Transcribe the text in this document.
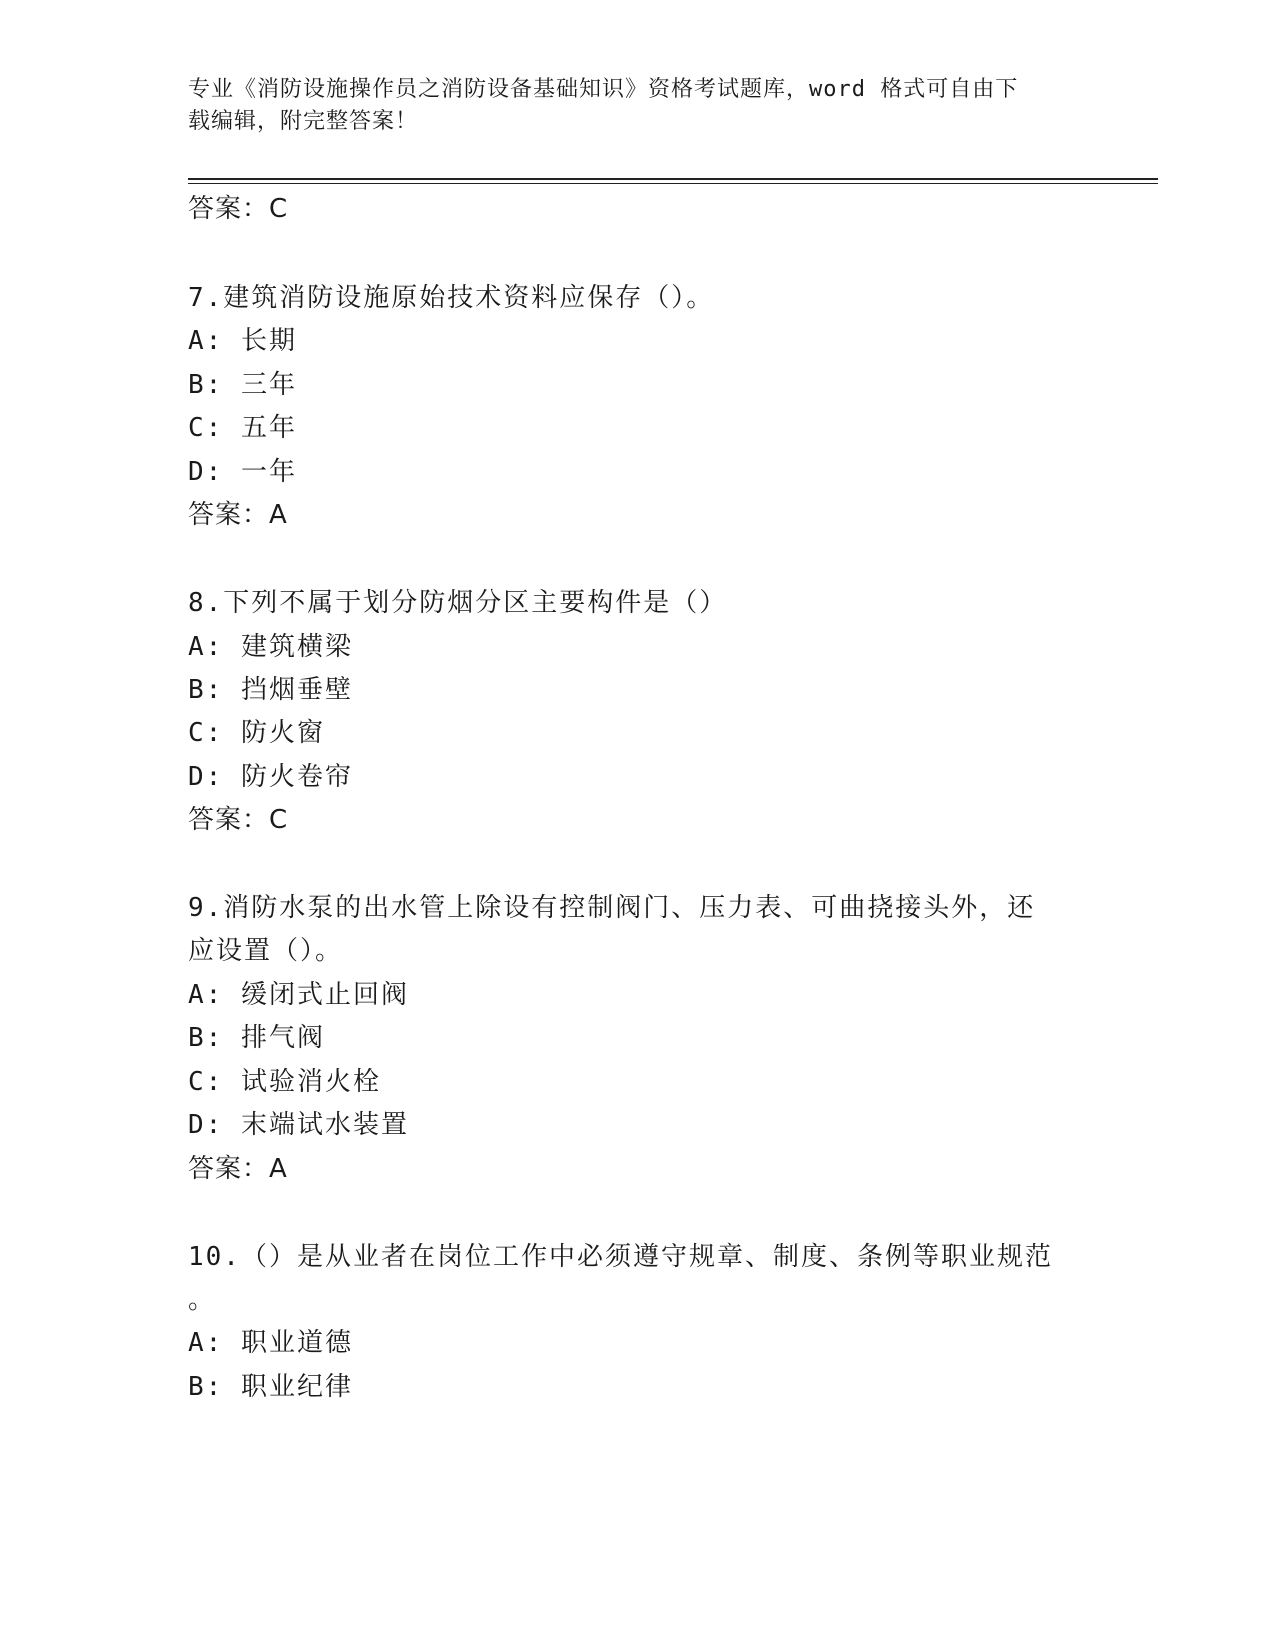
专业《消防设施操作员之消防设备基础知识》资格考试题库，word 格式可自由下
载编辑，附完整答案！
答案：C
7.建筑消防设施原始技术资料应保存（）。
A: 长期
B: 三年
C: 五年
D: 一年
答案：A
8.下列不属于划分防烟分区主要构件是（）
A: 建筑横梁
B: 挡烟垂壁
C: 防火窗
D: 防火卷帘
答案：C
9.消防水泵的出水管上除设有控制阀门、压力表、可曲挠接头外，还
应设置（）。
A: 缓闭式止回阀
B: 排气阀
C: 试验消火栓
D: 末端试水装置
答案：A
10.（）是从业者在岗位工作中必须遵守规章、制度、条例等职业规范
。
A: 职业道德
B: 职业纪律
